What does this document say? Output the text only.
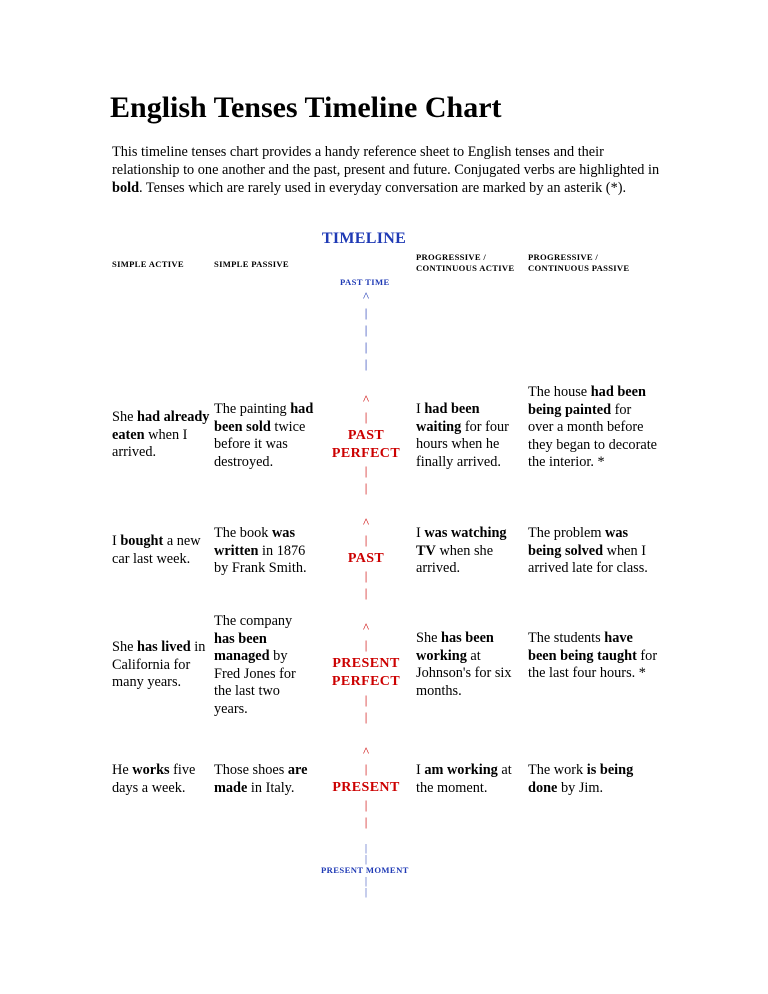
English Tenses Timeline Chart
This timeline tenses chart provides a handy reference sheet to English tenses and their relationship to one another and the past, present and future. Conjugated verbs are highlighted in bold. Tenses which are rarely used in everyday conversation are marked by an asterik (*).
TIMELINE
SIMPLE ACTIVE	SIMPLE PASSIVE
PROGRESSIVE /
CONTINUOUS ACTIVE
PROGRESSIVE /
CONTINUOUS PASSIVE
PAST TIME
^
|
|
|
|
^
|
PAST
PERFECT
|
|
She had already eaten when I arrived.
The painting had been sold twice before it was destroyed.
I had been waiting for four hours when he finally arrived.
The house had been being painted for over a month before they began to decorate the interior. *
^
|
PAST
|
|
I bought a new car last week.
The book was written in 1876 by Frank Smith.
I was watching TV when she arrived.
The problem was being solved when I arrived late for class.
^
|
PRESENT
PERFECT
|
|
She has lived in California for many years.
The company has been managed by Fred Jones for the last two years.
She has been working at Johnson's for six months.
The students have been being taught for the last four hours. *
^
|
PRESENT
|
|
He works five days a week.
Those shoes are made in Italy.
I am working at the moment.
The work is being done by Jim.
|
|
PRESENT MOMENT
|
|
